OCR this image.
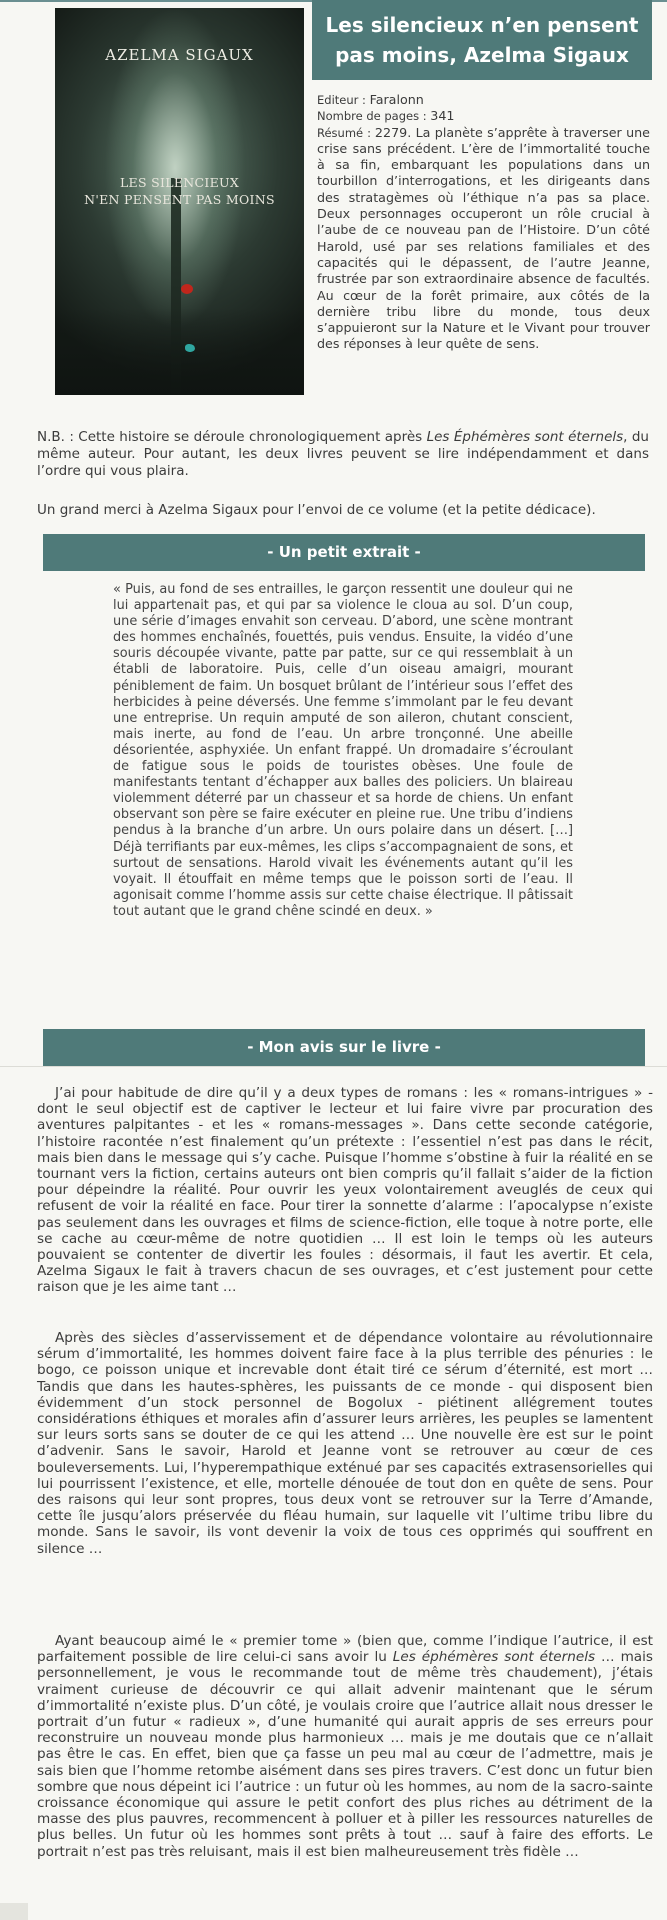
AZELMA SIGAUX
LES SILENCIEUX
N'EN PENSENT PAS MOINS
Les silencieux n’en pensent
pas moins, Azelma Sigaux
Editeur : Faralonn
Nombre de pages : 341
Résumé : 2279. La planète s’apprête à traverser une crise sans précédent. L’ère de l’immortalité touche à sa fin, embarquant les populations dans un tourbillon d’interrogations, et les dirigeants dans des stratagèmes où l’éthique n’a pas sa place. Deux personnages occuperont un rôle crucial à l’aube de ce nouveau pan de l’Histoire. D’un côté Harold, usé par ses relations familiales et des capacités qui le dépassent, de l’autre Jeanne, frustrée par son extraordinaire absence de facultés. Au cœur de la forêt primaire, aux côtés de la dernière tribu libre du monde, tous deux s’appuieront sur la Nature et le Vivant pour trouver des réponses à leur quête de sens.
N.B. : Cette histoire se déroule chronologiquement après Les Éphémères sont éternels, du même auteur. Pour autant, les deux livres peuvent se lire indépendamment et dans l’ordre qui vous plaira.
Un grand merci à Azelma Sigaux pour l’envoi de ce volume (et la petite dédicace).
- Un petit extrait -
« Puis, au fond de ses entrailles, le garçon ressentit une douleur qui ne lui appartenait pas, et qui par sa violence le cloua au sol. D’un coup, une série d’images envahit son cerveau. D’abord, une scène montrant des hommes enchaînés, fouettés, puis vendus. Ensuite, la vidéo d’une souris découpée vivante, patte par patte, sur ce qui ressemblait à un établi de laboratoire. Puis, celle d’un oiseau amaigri, mourant péniblement de faim. Un bosquet brûlant de l’intérieur sous l’effet des herbicides à peine déversés. Une femme s’immolant par le feu devant une entreprise. Un requin amputé de son aileron, chutant conscient, mais inerte, au fond de l’eau. Un arbre tronçonné. Une abeille désorientée, asphyxiée. Un enfant frappé. Un dromadaire s’écroulant de fatigue sous le poids de touristes obèses. Une foule de manifestants tentant d’échapper aux balles des policiers. Un blaireau violemment déterré par un chasseur et sa horde de chiens. Un enfant observant son père se faire exécuter en pleine rue. Une tribu d’indiens pendus à la branche d’un arbre. Un ours polaire dans un désert. […] Déjà terrifiants par eux-mêmes, les clips s’accompagnaient de sons, et surtout de sensations. Harold vivait les événements autant qu’il les voyait. Il étouffait en même temps que le poisson sorti de l’eau. Il agonisait comme l’homme assis sur cette chaise électrique. Il pâtissait tout autant que le grand chêne scindé en deux. »
- Mon avis sur le livre -
J’ai pour habitude de dire qu’il y a deux types de romans : les « romans-intrigues » - dont le seul objectif est de captiver le lecteur et lui faire vivre par procuration des aventures palpitantes - et les « romans-messages ». Dans cette seconde catégorie, l’histoire racontée n’est finalement qu’un prétexte : l’essentiel n’est pas dans le récit, mais bien dans le message qui s’y cache. Puisque l’homme s’obstine à fuir la réalité en se tournant vers la fiction, certains auteurs ont bien compris qu’il fallait s’aider de la fiction pour dépeindre la réalité. Pour ouvrir les yeux volontairement aveuglés de ceux qui refusent de voir la réalité en face. Pour tirer la sonnette d’alarme : l’apocalypse n’existe pas seulement dans les ouvrages et films de science-fiction, elle toque à notre porte, elle se cache au cœur-même de notre quotidien … Il est loin le temps où les auteurs pouvaient se contenter de divertir les foules : désormais, il faut les avertir. Et cela, Azelma Sigaux le fait à travers chacun de ses ouvrages, et c’est justement pour cette raison que je les aime tant …
Après des siècles d’asservissement et de dépendance volontaire au révolutionnaire sérum d’immortalité, les hommes doivent faire face à la plus terrible des pénuries : le bogo, ce poisson unique et increvable dont était tiré ce sérum d’éternité, est mort … Tandis que dans les hautes-sphères, les puissants de ce monde - qui disposent bien évidemment d’un stock personnel de Bogolux - piétinent allégrement toutes considérations éthiques et morales afin d’assurer leurs arrières, les peuples se lamentent sur leurs sorts sans se douter de ce qui les attend … Une nouvelle ère est sur le point d’advenir. Sans le savoir, Harold et Jeanne vont se retrouver au cœur de ces bouleversements. Lui, l’hyperempathique exténué par ses capacités extrasensorielles qui lui pourrissent l’existence, et elle, mortelle dénouée de tout don en quête de sens. Pour des raisons qui leur sont propres, tous deux vont se retrouver sur la Terre d’Amande, cette île jusqu’alors préservée du fléau humain, sur laquelle vit l’ultime tribu libre du monde. Sans le savoir, ils vont devenir la voix de tous ces opprimés qui souffrent en silence …
Ayant beaucoup aimé le « premier tome » (bien que, comme l’indique l’autrice, il est parfaitement possible de lire celui-ci sans avoir lu Les éphémères sont éternels … mais personnellement, je vous le recommande tout de même très chaudement), j’étais vraiment curieuse de découvrir ce qui allait advenir maintenant que le sérum d’immortalité n’existe plus. D’un côté, je voulais croire que l’autrice allait nous dresser le portrait d’un futur « radieux », d’une humanité qui aurait appris de ses erreurs pour reconstruire un nouveau monde plus harmonieux … mais je me doutais que ce n’allait pas être le cas. En effet, bien que ça fasse un peu mal au cœur de l’admettre, mais je sais bien que l’homme retombe aisément dans ses pires travers. C’est donc un futur bien sombre que nous dépeint ici l’autrice : un futur où les hommes, au nom de la sacro-sainte croissance économique qui assure le petit confort des plus riches au détriment de la masse des plus pauvres, recommencent à polluer et à piller les ressources naturelles de plus belles. Un futur où les hommes sont prêts à tout … sauf à faire des efforts. Le portrait n’est pas très reluisant, mais il est bien malheureusement très fidèle …
